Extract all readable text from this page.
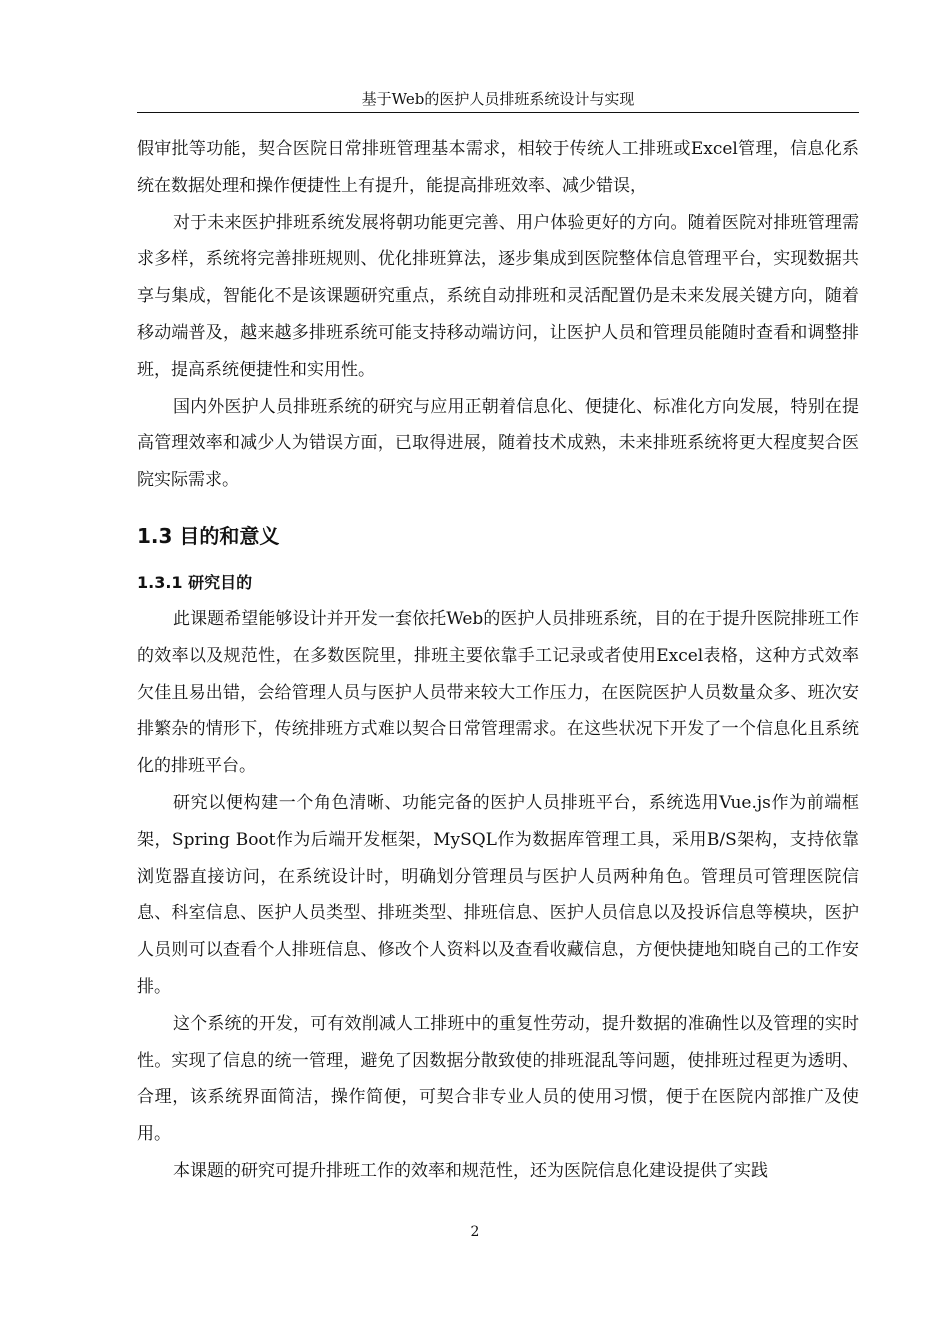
基于Web的医护人员排班系统设计与实现

假审批等功能，契合医院日常排班管理基本需求，相较于传统人工排班或Excel管理，信息化系统在数据处理和操作便捷性上有提升，能提高排班效率、减少错误，

对于未来医护排班系统发展将朝功能更完善、用户体验更好的方向。随着医院对排班管理需求多样，系统将完善排班规则、优化排班算法，逐步集成到医院整体信息管理平台，实现数据共享与集成，智能化不是该课题研究重点，系统自动排班和灵活配置仍是未来发展关键方向，随着移动端普及，越来越多排班系统可能支持移动端访问，让医护人员和管理员能随时查看和调整排班，提高系统便捷性和实用性。

国内外医护人员排班系统的研究与应用正朝着信息化、便捷化、标准化方向发展，特别在提高管理效率和减少人为错误方面，已取得进展，随着技术成熟，未来排班系统将更大程度契合医院实际需求。

1.3 目的和意义
1.3.1 研究目的

此课题希望能够设计并开发一套依托Web的医护人员排班系统，目的在于提升医院排班工作的效率以及规范性，在多数医院里，排班主要依靠手工记录或者使用Excel表格，这种方式效率欠佳且易出错，会给管理人员与医护人员带来较大工作压力，在医院医护人员数量众多、班次安排繁杂的情形下，传统排班方式难以契合日常管理需求。在这些状况下开发了一个信息化且系统化的排班平台。

研究以便构建一个角色清晰、功能完备的医护人员排班平台，系统选用Vue.js作为前端框架，Spring Boot作为后端开发框架，MySQL作为数据库管理工具，采用B/S架构，支持依靠浏览器直接访问，在系统设计时，明确划分管理员与医护人员两种角色。管理员可管理医院信息、科室信息、医护人员类型、排班类型、排班信息、医护人员信息以及投诉信息等模块，医护人员则可以查看个人排班信息、修改个人资料以及查看收藏信息，方便快捷地知晓自己的工作安排。

这个系统的开发，可有效削减人工排班中的重复性劳动，提升数据的准确性以及管理的实时性。实现了信息的统一管理，避免了因数据分散致使的排班混乱等问题，使排班过程更为透明、合理，该系统界面简洁，操作简便，可契合非专业人员的使用习惯，便于在医院内部推广及使用。

本课题的研究可提升排班工作的效率和规范性，还为医院信息化建设提供了实践

2
